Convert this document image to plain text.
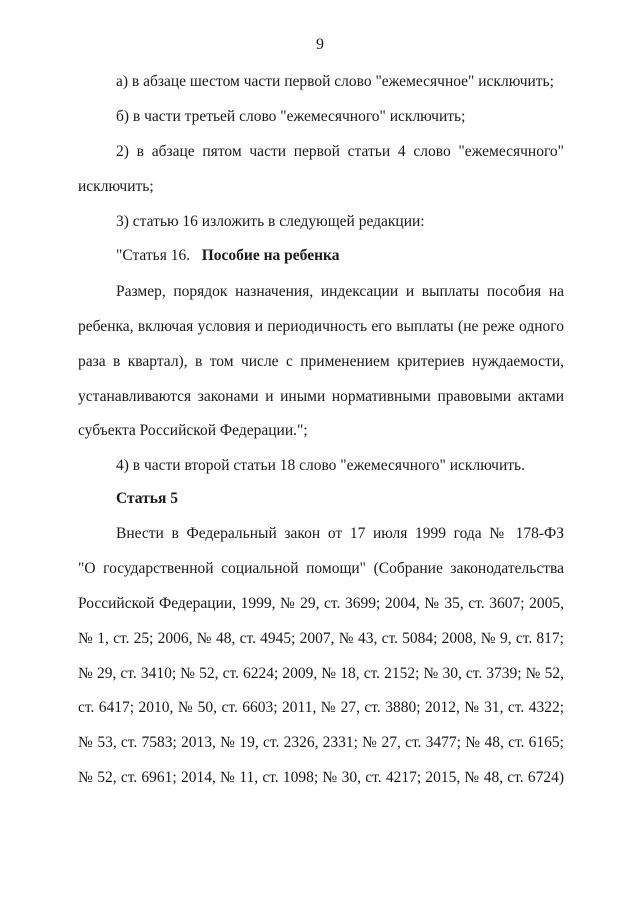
9
а) в абзаце шестом части первой слово "ежемесячное" исключить;
б) в части третьей слово "ежемесячного" исключить;
2) в абзаце пятом части первой статьи 4 слово "ежемесячного"
исключить;
3) статью 16 изложить в следующей редакции:
"Статья 16. Пособие на ребенка
Размер, порядок назначения, индексации и выплаты пособия на
ребенка, включая условия и периодичность его выплаты (не реже одного
раза в квартал), в том числе с применением критериев нуждаемости,
устанавливаются законами и иными нормативными правовыми актами
субъекта Российской Федерации.";
4) в части второй статьи 18 слово "ежемесячного" исключить.
Статья 5
Внести в Федеральный закон от 17 июля 1999 года № 178-ФЗ
"О государственной социальной помощи" (Собрание законодательства
Российской Федерации, 1999, № 29, ст. 3699; 2004, № 35, ст. 3607; 2005,
№ 1, ст. 25; 2006, № 48, ст. 4945; 2007, № 43, ст. 5084; 2008, № 9, ст. 817;
№ 29, ст. 3410; № 52, ст. 6224; 2009, № 18, ст. 2152; № 30, ст. 3739; № 52,
ст. 6417; 2010, № 50, ст. 6603; 2011, № 27, ст. 3880; 2012, № 31, ст. 4322;
№ 53, ст. 7583; 2013, № 19, ст. 2326, 2331; № 27, ст. 3477; № 48, ст. 6165;
№ 52, ст. 6961; 2014, № 11, ст. 1098; № 30, ст. 4217; 2015, № 48, ст. 6724)
